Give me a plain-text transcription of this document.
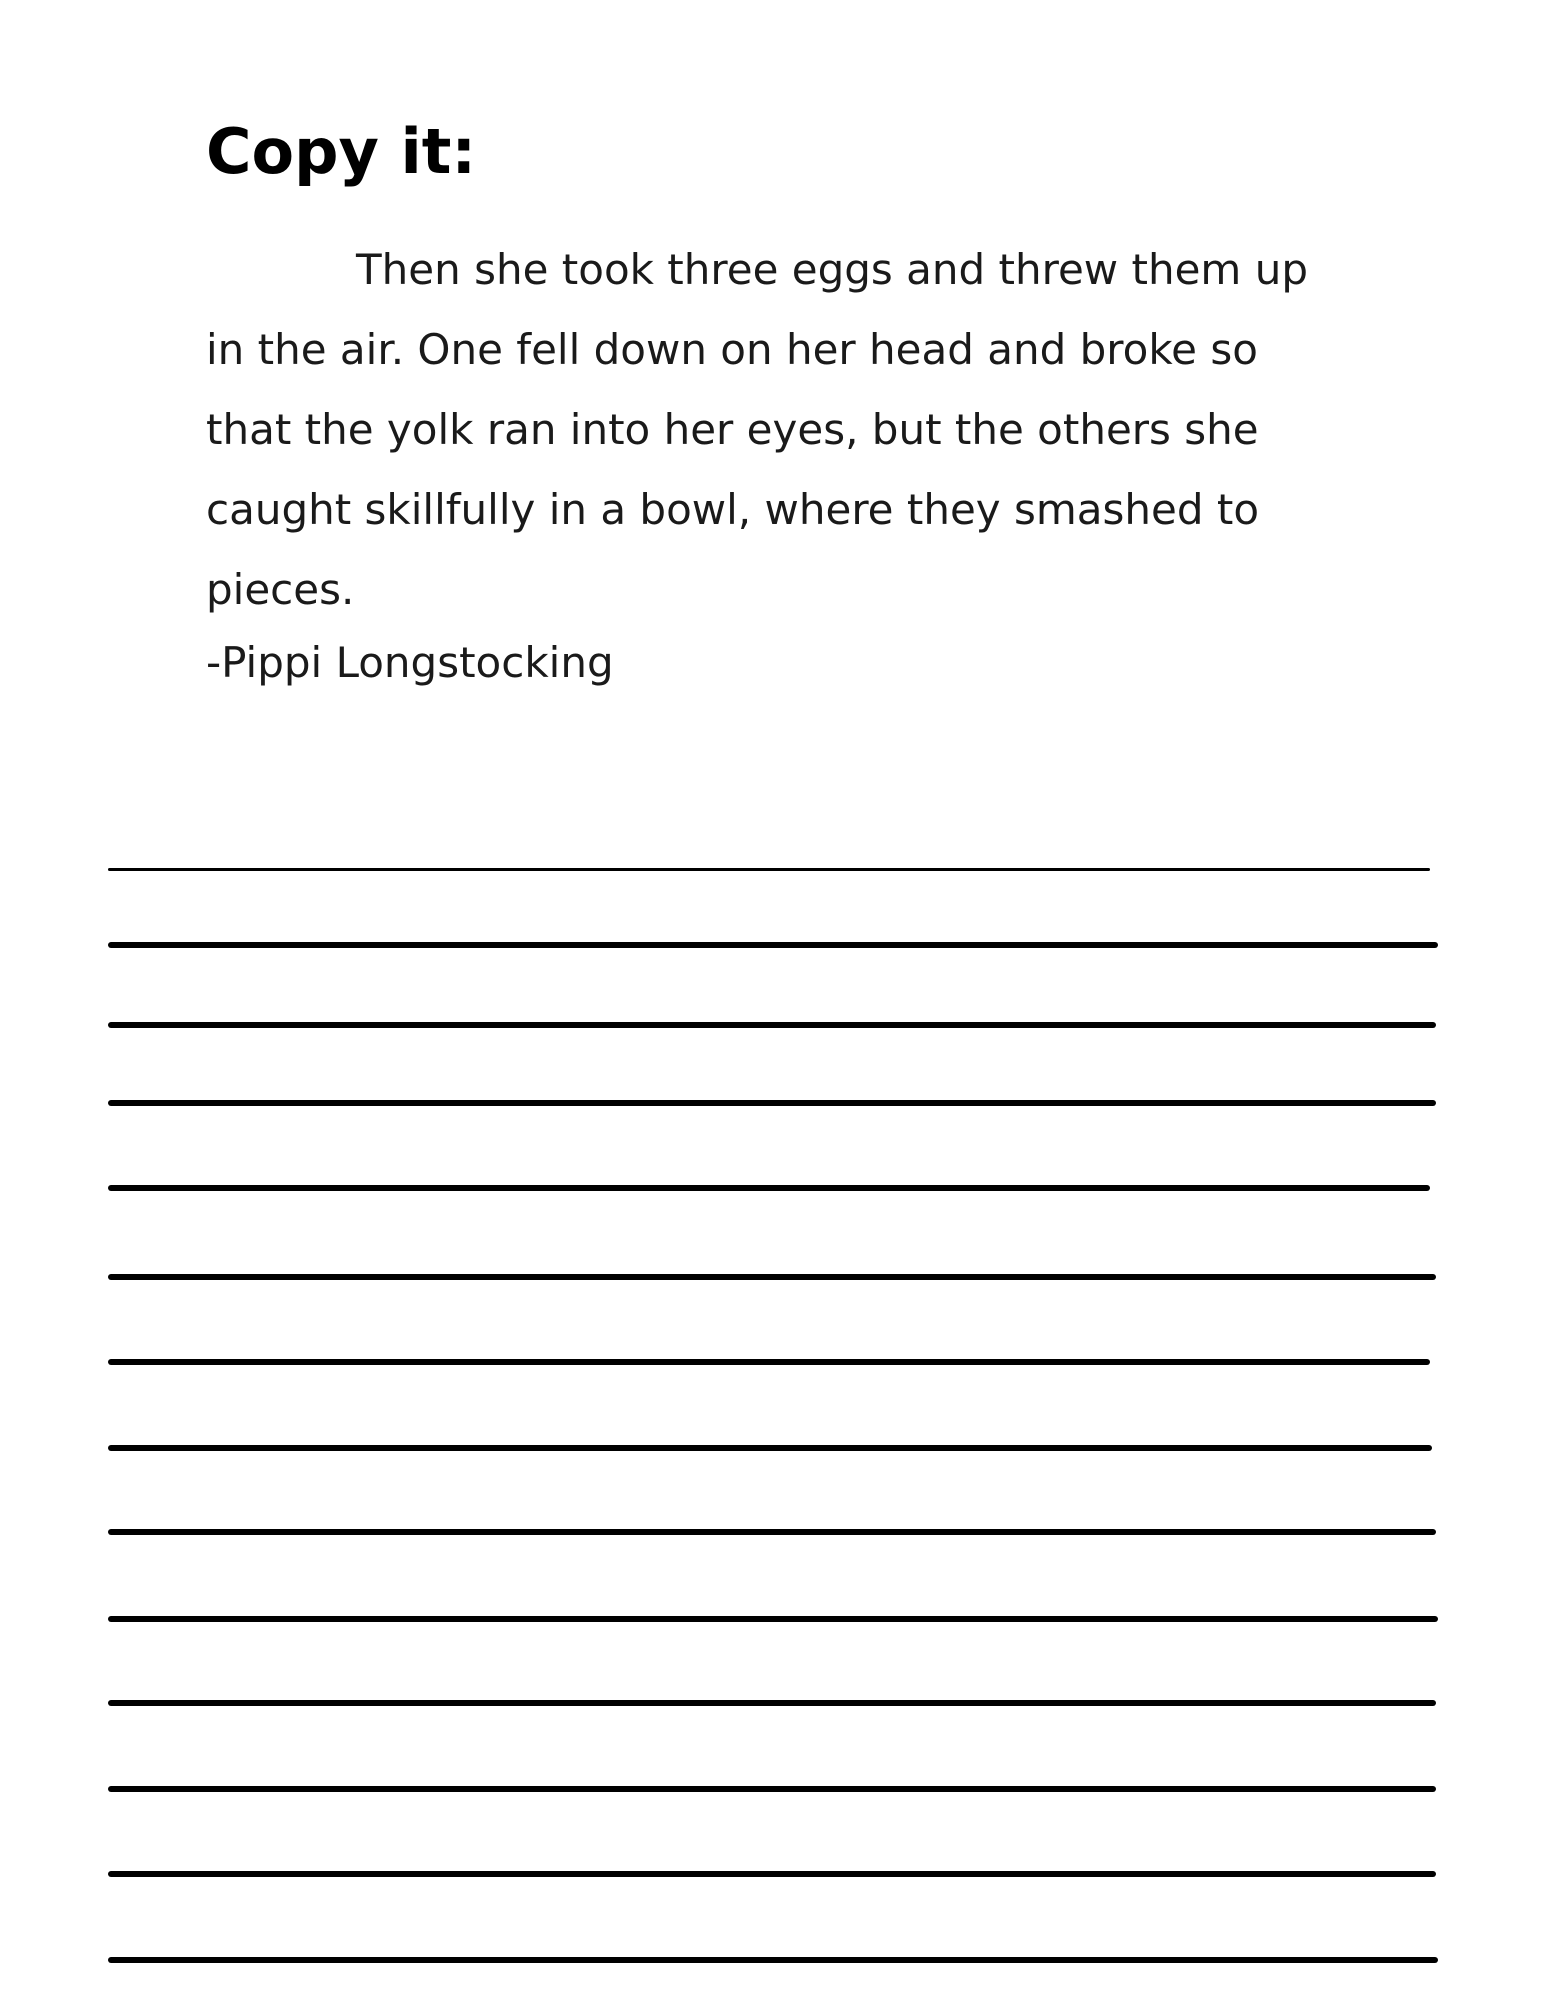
Copy it:

Then she took three eggs and threw them up
in the air. One fell down on her head and broke so
that the yolk ran into her eyes, but the others she
caught skillfully in a bowl, where they smashed to
pieces.

-Pippi Longstocking
